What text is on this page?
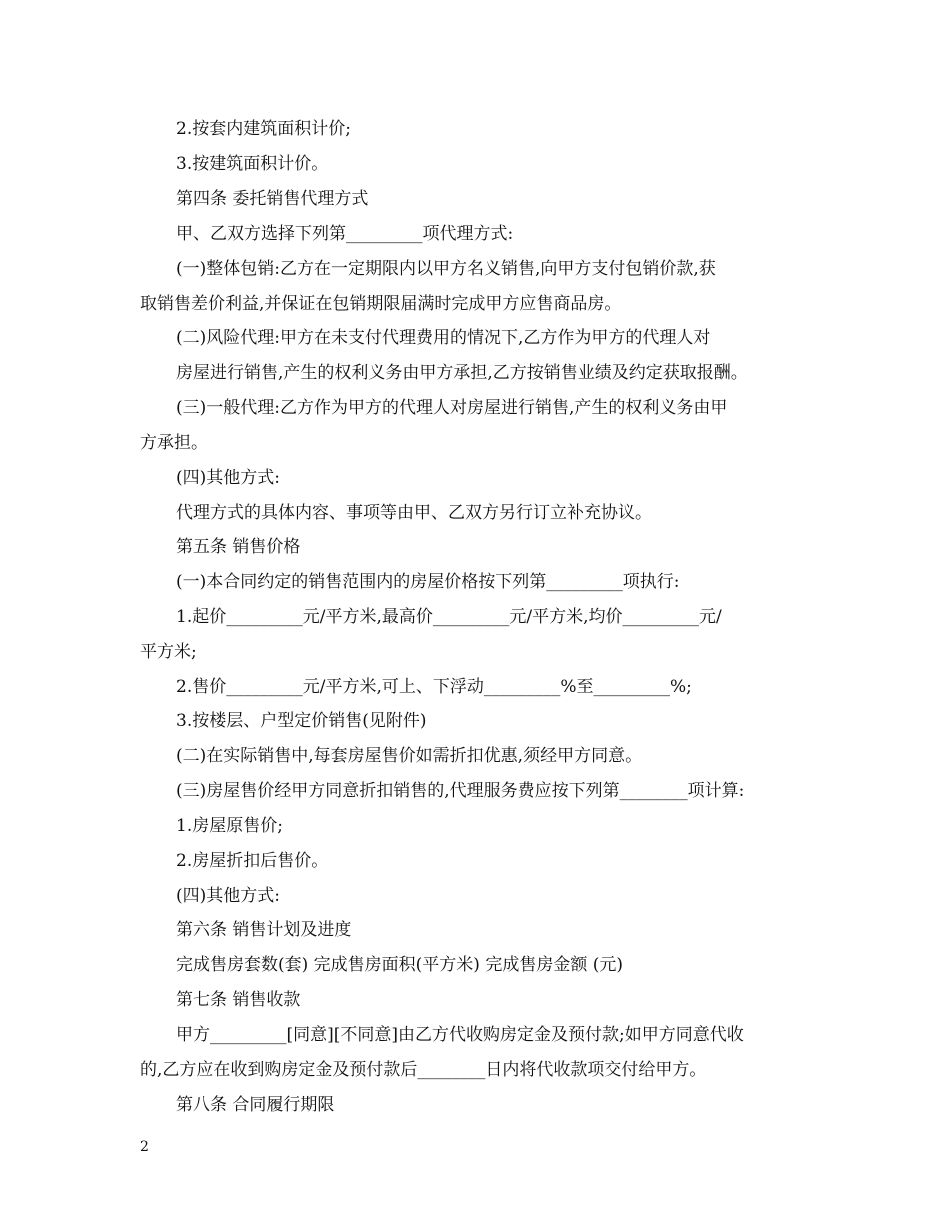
2.按套内建筑面积计价;
3.按建筑面积计价。
第四条 委托销售代理方式
甲、乙双方选择下列第_________项代理方式:
(一)整体包销:乙方在一定期限内以甲方名义销售,向甲方支付包销价款,获
取销售差价利益,并保证在包销期限届满时完成甲方应售商品房。
(二)风险代理:甲方在未支付代理费用的情况下,乙方作为甲方的代理人对
房屋进行销售,产生的权利义务由甲方承担,乙方按销售业绩及约定获取报酬。
(三)一般代理:乙方作为甲方的代理人对房屋进行销售,产生的权利义务由甲
方承担。
(四)其他方式:
代理方式的具体内容、事项等由甲、乙双方另行订立补充协议。
第五条 销售价格
(一)本合同约定的销售范围内的房屋价格按下列第_________项执行:
1.起价_________元/平方米,最高价_________元/平方米,均价_________元/
平方米;
2.售价_________元/平方米,可上、下浮动_________%至_________%;
3.按楼层、户型定价销售(见附件)
(二)在实际销售中,每套房屋售价如需折扣优惠,须经甲方同意。
(三)房屋售价经甲方同意折扣销售的,代理服务费应按下列第________项计算:
1.房屋原售价;
2.房屋折扣后售价。
(四)其他方式:
第六条 销售计划及进度
完成售房套数(套) 完成售房面积(平方米) 完成售房金额 (元)
第七条 销售收款
甲方_________[同意][不同意]由乙方代收购房定金及预付款;如甲方同意代收
的,乙方应在收到购房定金及预付款后________日内将代收款项交付给甲方。
第八条 合同履行期限
2
